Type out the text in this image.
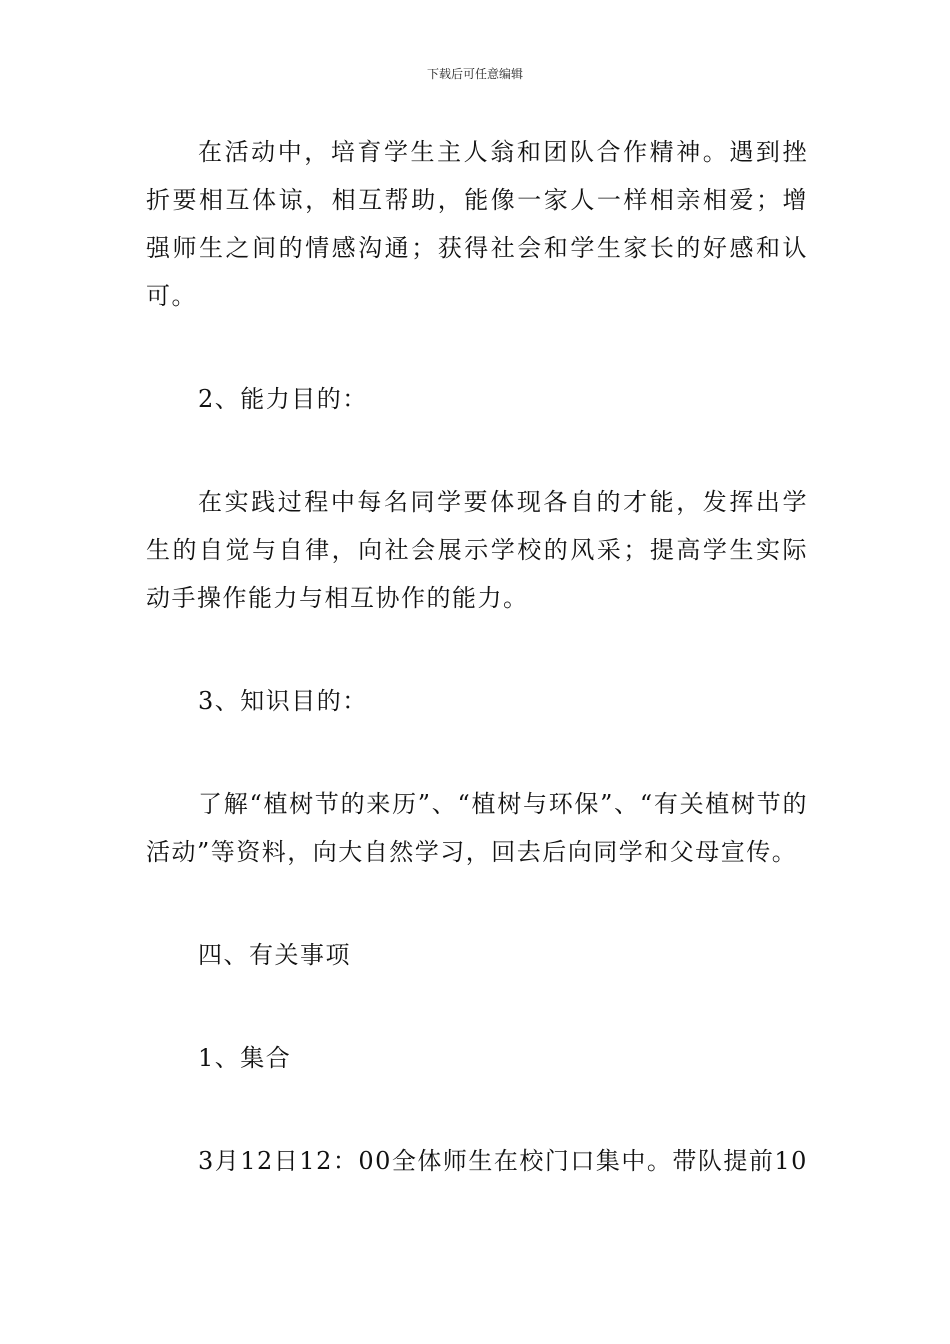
下载后可任意编辑

在活动中，培育学生主人翁和团队合作精神。遇到挫折要相互体谅，相互帮助，能像一家人一样相亲相爱；增强师生之间的情感沟通；获得社会和学生家长的好感和认可。

2、能力目的：

在实践过程中每名同学要体现各自的才能，发挥出学生的自觉与自律，向社会展示学校的风采；提高学生实际动手操作能力与相互协作的能力。

3、知识目的：

了解“植树节的来历”、“植树与环保”、“有关植树节的活动”等资料，向大自然学习，回去后向同学和父母宣传。

四、有关事项

1、集合

3月12日12：00全体师生在校门口集中。带队提前10
